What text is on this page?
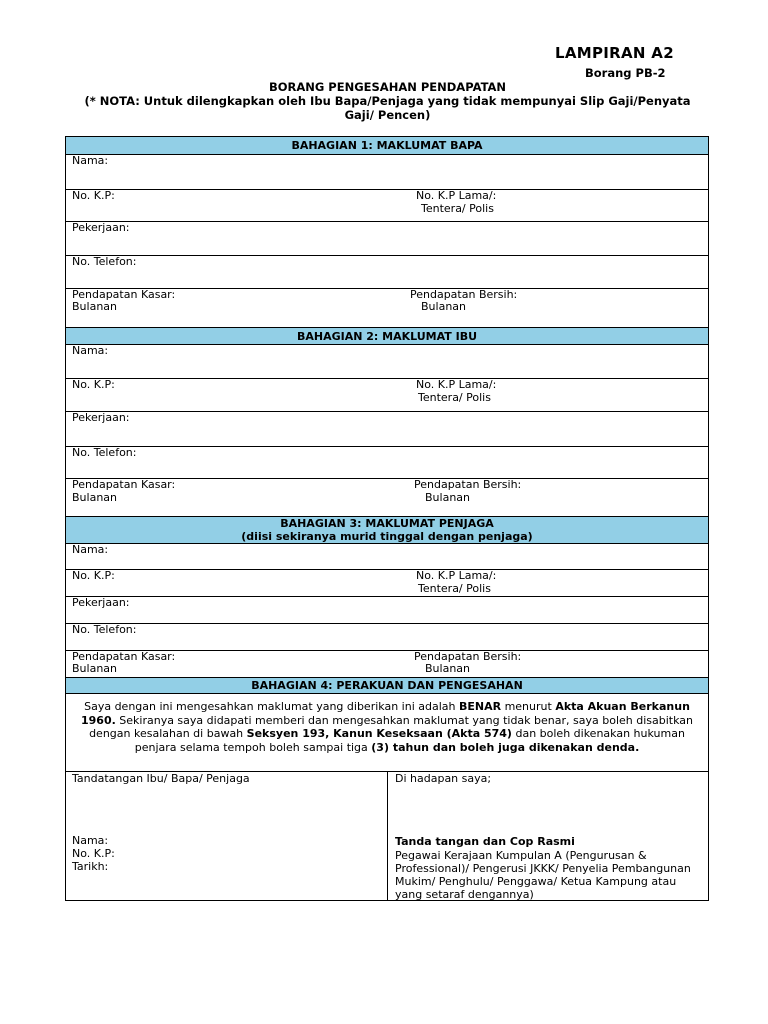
LAMPIRAN A2
Borang PB-2
BORANG PENGESAHAN PENDAPATAN
(* NOTA: Untuk dilengkapkan oleh Ibu Bapa/Penjaga yang tidak mempunyai Slip Gaji/Penyata Gaji/ Pencen)
BAHAGIAN 1: MAKLUMAT BAPA
Nama:
No. K.P:	No. K.P Lama/:
Tentera/ Polis
Pekerjaan:
No. Telefon:
Pendapatan Kasar:
Bulanan
Pendapatan Bersih:
Bulanan
BAHAGIAN 2: MAKLUMAT IBU
Nama:
No. K.P:	No. K.P Lama/:
Tentera/ Polis
Pekerjaan:
No. Telefon:
Pendapatan Kasar:
Bulanan
Pendapatan Bersih:
Bulanan
BAHAGIAN 3: MAKLUMAT PENJAGA
(diisi sekiranya murid tinggal dengan penjaga)
Nama:
No. K.P:	No. K.P Lama/:
Tentera/ Polis
Pekerjaan:
No. Telefon:
Pendapatan Kasar:
Bulanan
Pendapatan Bersih:
Bulanan
BAHAGIAN 4: PERAKUAN DAN PENGESAHAN
Saya dengan ini mengesahkan maklumat yang diberikan ini adalah BENAR menurut Akta Akuan Berkanun 1960. Sekiranya saya didapati memberi dan mengesahkan maklumat yang tidak benar, saya boleh disabitkan dengan kesalahan di bawah Seksyen 193, Kanun Keseksaan (Akta 574) dan boleh dikenakan hukuman penjara selama tempoh boleh sampai tiga (3) tahun dan boleh juga dikenakan denda.
Tandatangan Ibu/ Bapa/ Penjaga
Nama:
No. K.P:
Tarikh:
Di hadapan saya;
Tanda tangan dan Cop Rasmi
Pegawai Kerajaan Kumpulan A (Pengurusan & Professional)/ Pengerusi JKKK/ Penyelia Pembangunan Mukim/ Penghulu/ Penggawa/ Ketua Kampung atau yang setaraf dengannya)
